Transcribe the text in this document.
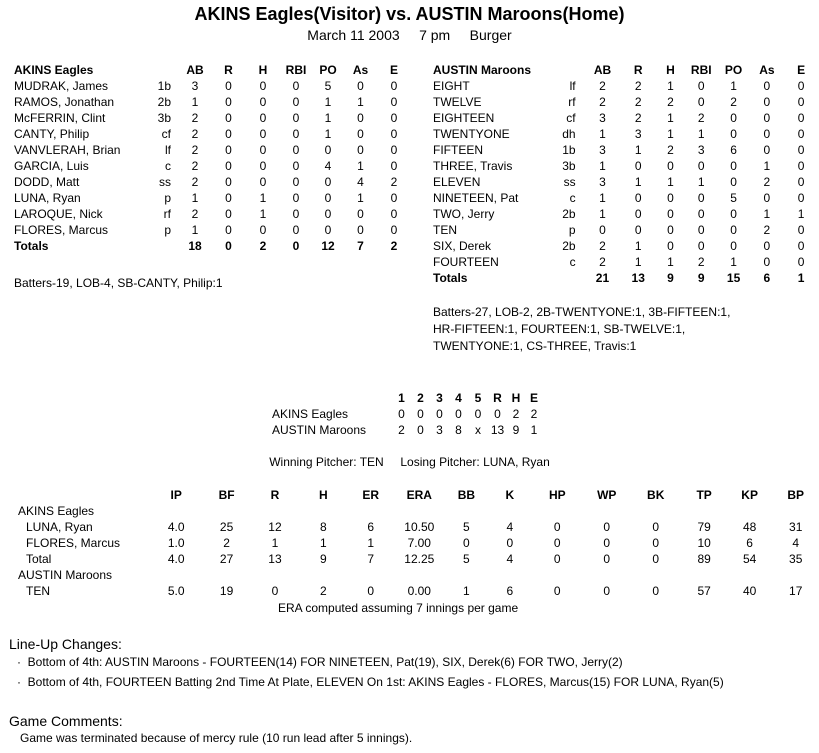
AKINS Eagles(Visitor) vs. AUSTIN Maroons(Home)
March 11 2003     7 pm     Burger
AKINS Eagles		AB	R	H	RBI	PO	As	E
MUDRAK, James	1b	3	0	0	0	5	0	0
RAMOS, Jonathan	2b	1	0	0	0	1	1	0
McFERRIN, Clint	3b	2	0	0	0	1	0	0
CANTY, Philip	cf	2	0	0	0	1	0	0
VANVLERAH, Brian	lf	2	0	0	0	0	0	0
GARCIA, Luis	c	2	0	0	0	4	1	0
DODD, Matt	ss	2	0	0	0	0	4	2
LUNA, Ryan	p	1	0	1	0	0	1	0
LAROQUE, Nick	rf	2	0	1	0	0	0	0
FLORES, Marcus	p	1	0	0	0	0	0	0
Totals		18	0	2	0	12	7	2
AUSTIN Maroons		AB	R	H	RBI	PO	As	E
EIGHT	lf	2	2	1	0	1	0	0
TWELVE	rf	2	2	2	0	2	0	0
EIGHTEEN	cf	3	2	1	2	0	0	0
TWENTYONE	dh	1	3	1	1	0	0	0
FIFTEEN	1b	3	1	2	3	6	0	0
THREE, Travis	3b	1	0	0	0	0	1	0
ELEVEN	ss	3	1	1	1	0	2	0
NINETEEN, Pat	c	1	0	0	0	5	0	0
TWO, Jerry	2b	1	0	0	0	0	1	1
TEN	p	0	0	0	0	0	2	0
SIX, Derek	2b	2	1	0	0	0	0	0
FOURTEEN	c	2	1	1	2	1	0	0
Totals		21	13	9	9	15	6	1
Batters-19, LOB-4, SB-CANTY, Philip:1
Batters-27, LOB-2, 2B-TWENTYONE:1, 3B-FIFTEEN:1,
HR-FIFTEEN:1, FOURTEEN:1, SB-TWELVE:1,
TWENTYONE:1, CS-THREE, Travis:1
	1	2	3	4	5	R	H	E
AKINS Eagles	0	0	0	0	0	0	2	2
AUSTIN Maroons	2	0	3	8	x	13	9	1
Winning Pitcher: TEN     Losing Pitcher: LUNA, Ryan
	IP	BF	R	H	ER	ERA	BB	K	HP	WP	BK	TP	KP	BP
AKINS Eagles														
LUNA, Ryan	4.0	25	12	8	6	10.50	5	4	0	0	0	79	48	31
FLORES, Marcus	1.0	2	1	1	1	7.00	0	0	0	0	0	10	6	4
Total	4.0	27	13	9	7	12.25	5	4	0	0	0	89	54	35
AUSTIN Maroons														
TEN	5.0	19	0	2	0	0.00	1	6	0	0	0	57	40	17
ERA computed assuming 7 innings per game
Line-Up Changes:
·  Bottom of 4th: AUSTIN Maroons - FOURTEEN(14) FOR NINETEEN, Pat(19), SIX, Derek(6) FOR TWO, Jerry(2)
·  Bottom of 4th, FOURTEEN Batting 2nd Time At Plate, ELEVEN On 1st: AKINS Eagles - FLORES, Marcus(15) FOR LUNA, Ryan(5)
Game Comments:
Game was terminated because of mercy rule (10 run lead after 5 innings).
